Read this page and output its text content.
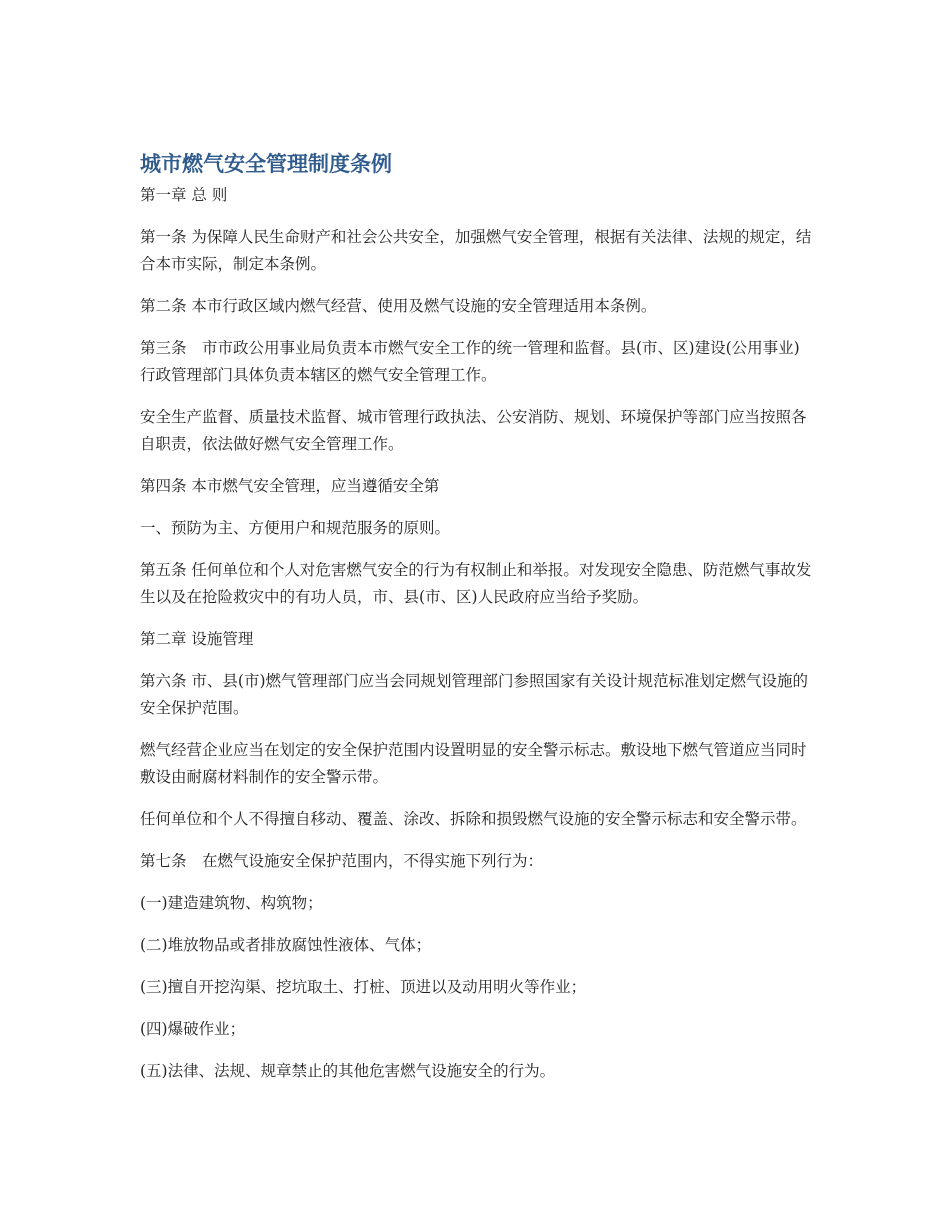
城市燃气安全管理制度条例

第一章 总 则

第一条 为保障人民生命财产和社会公共安全，加强燃气安全管理，根据有关法律、法规的规定，结合本市实际，制定本条例。

第二条 本市行政区域内燃气经营、使用及燃气设施的安全管理适用本条例。

第三条　市市政公用事业局负责本市燃气安全工作的统一管理和监督。县(市、区)建设(公用事业)行政管理部门具体负责本辖区的燃气安全管理工作。

安全生产监督、质量技术监督、城市管理行政执法、公安消防、规划、环境保护等部门应当按照各自职责，依法做好燃气安全管理工作。

第四条 本市燃气安全管理，应当遵循安全第

一、预防为主、方便用户和规范服务的原则。

第五条 任何单位和个人对危害燃气安全的行为有权制止和举报。对发现安全隐患、防范燃气事故发生以及在抢险救灾中的有功人员，市、县(市、区)人民政府应当给予奖励。

第二章 设施管理

第六条 市、县(市)燃气管理部门应当会同规划管理部门参照国家有关设计规范标准划定燃气设施的安全保护范围。

燃气经营企业应当在划定的安全保护范围内设置明显的安全警示标志。敷设地下燃气管道应当同时敷设由耐腐材料制作的安全警示带。

任何单位和个人不得擅自移动、覆盖、涂改、拆除和损毁燃气设施的安全警示标志和安全警示带。

第七条　在燃气设施安全保护范围内，不得实施下列行为：

(一)建造建筑物、构筑物；

(二)堆放物品或者排放腐蚀性液体、气体；

(三)擅自开挖沟渠、挖坑取土、打桩、顶进以及动用明火等作业；

(四)爆破作业；

(五)法律、法规、规章禁止的其他危害燃气设施安全的行为。
